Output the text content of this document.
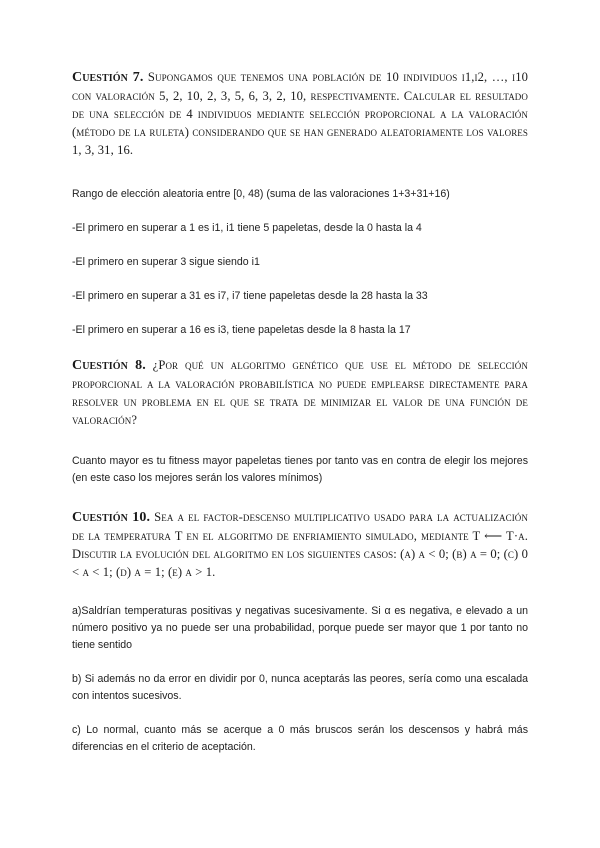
Cuestión 7. Supongamos que tenemos una población de 10 individuos i1,i2, …, i10 con valoración 5, 2, 10, 2, 3, 5, 6, 3, 2, 10, respectivamente. Calcular el resultado de una selección de 4 individuos mediante selección proporcional a la valoración (método de la ruleta) considerando que se han generado aleatoriamente los valores 1, 3, 31, 16.

Rango de elección aleatoria entre [0, 48) (suma de las valoraciones 1+3+31+16)

-El primero en superar a 1 es i1, i1 tiene 5 papeletas, desde la 0 hasta la 4

-El primero en superar 3 sigue siendo i1

-El primero en superar a 31 es i7, i7 tiene papeletas desde la 28 hasta la 33

-El primero en superar a 16 es i3, tiene papeletas desde la 8 hasta la 17

Cuestión 8. ¿Por qué un algoritmo genético que use el método de selección proporcional a la valoración probabilística no puede emplearse directamente para resolver un problema en el que se trata de minimizar el valor de una función de valoración?

Cuanto mayor es tu fitness mayor papeletas tienes por tanto vas en contra de elegir los mejores (en este caso los mejores serán los valores mínimos)

Cuestión 10. Sea α el factor-descenso multiplicativo usado para la actualización de la temperatura T en el algoritmo de enfriamiento simulado, mediante T ⟵ T·α. Discutir la evolución del algoritmo en los siguientes casos: (a) α < 0; (b) α = 0; (c) 0 < α < 1; (d) α = 1; (e) α > 1.

a)Saldrían temperaturas positivas y negativas sucesivamente. Si α es negativa, e elevado a un número positivo ya no puede ser una probabilidad, porque puede ser mayor que 1 por tanto no tiene sentido

b) Si además no da error en dividir por 0, nunca aceptarás las peores, sería como una escalada con intentos sucesivos.

c) Lo normal, cuanto más se acerque a 0 más bruscos serán los descensos y habrá más diferencias en el criterio de aceptación.
